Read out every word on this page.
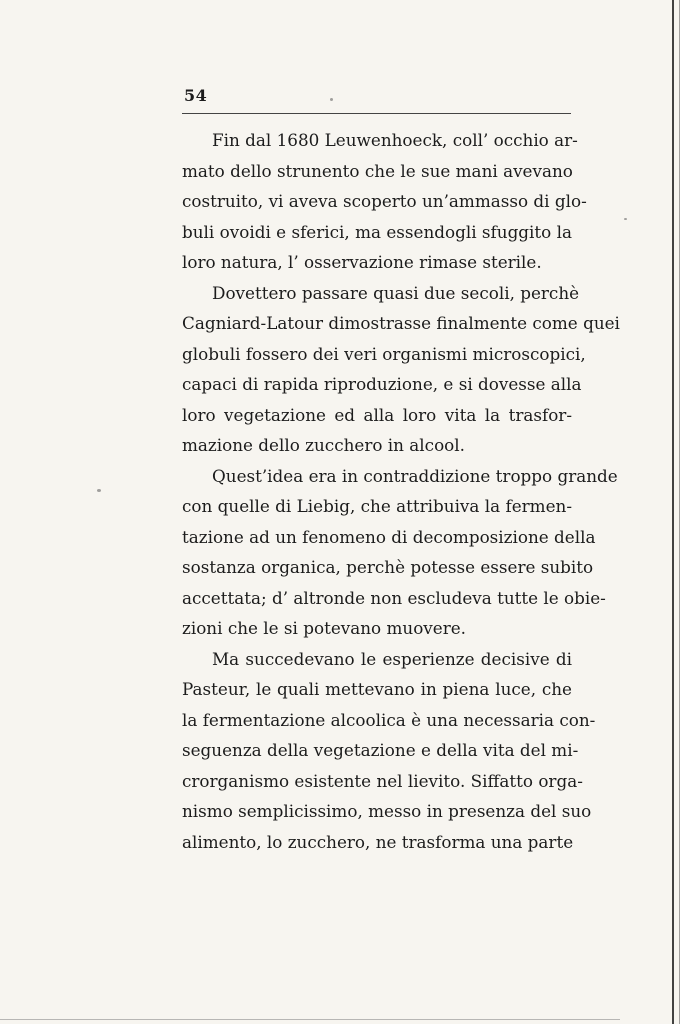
54
Fin dal 1680 Leuwenhoeck, coll’ occhio ar-
mato dello strunento che le sue mani avevano
costruito, vi aveva scoperto un’ammasso di glo-
buli ovoidi e sferici, ma essendogli sfuggito la
loro natura, l’ osservazione rimase sterile.
Dovettero passare quasi due secoli, perchè
Cagniard-Latour dimostrasse finalmente come quei
globuli fossero dei veri organismi microscopici,
capaci di rapida riproduzione, e si dovesse alla
loro vegetazione ed alla loro vita la trasfor-
mazione dello zucchero in alcool.
Quest’idea era in contraddizione troppo grande
con quelle di Liebig, che attribuiva la fermen-
tazione ad un fenomeno di decomposizione della
sostanza organica, perchè potesse essere subito
accettata; d’ altronde non escludeva tutte le obie-
zioni che le si potevano muovere.
Ma succedevano le esperienze decisive di
Pasteur, le quali mettevano in piena luce, che
la fermentazione alcoolica è una necessaria con-
seguenza della vegetazione e della vita del mi-
crorganismo esistente nel lievito. Siffatto orga-
nismo semplicissimo, messo in presenza del suo
alimento, lo zucchero, ne trasforma una parte
